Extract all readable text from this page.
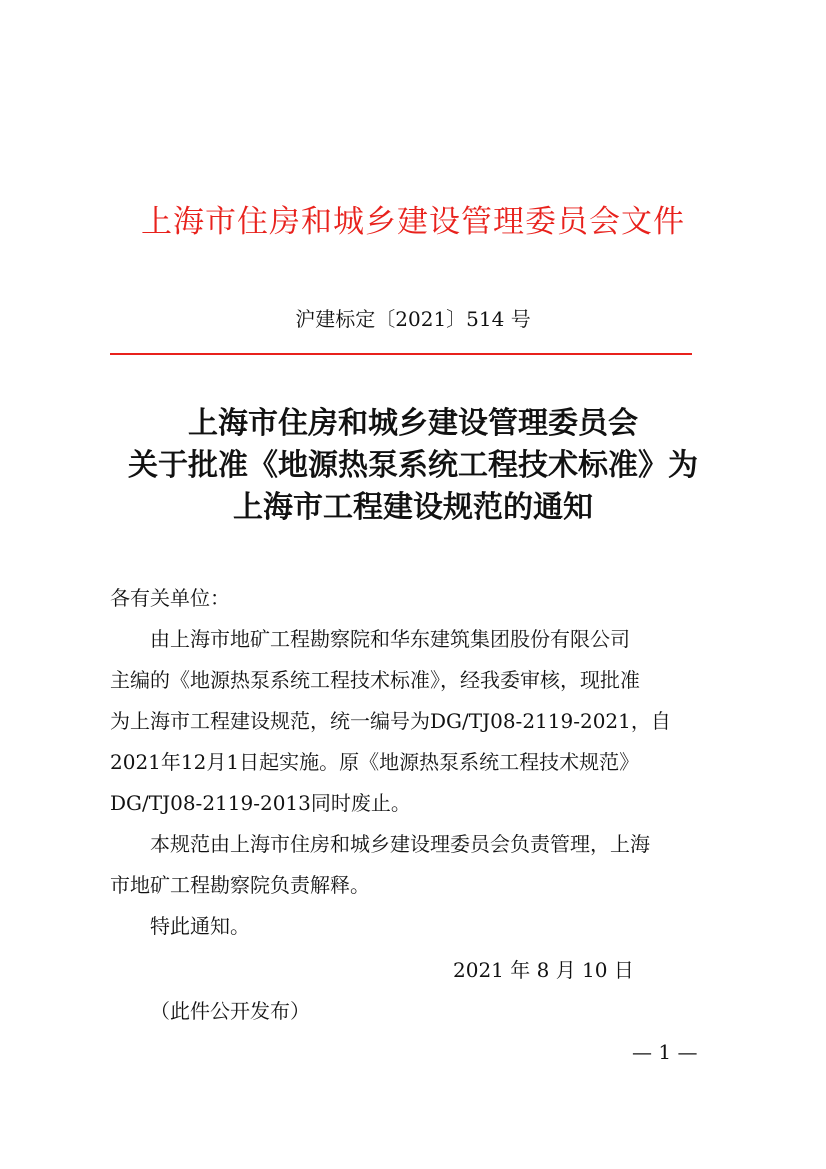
上海市住房和城乡建设管理委员会文件
沪建标定〔2021〕514 号
上海市住房和城乡建设管理委员会
关于批准《地源热泵系统工程技术标准》为
上海市工程建设规范的通知

各有关单位：

由上海市地矿工程勘察院和华东建筑集团股份有限公司
主编的《地源热泵系统工程技术标准》，经我委审核，现批准
为上海市工程建设规范，统一编号为DG/TJ08-2119-2021，自
2021年12月1日起实施。原《地源热泵系统工程技术规范》
DG/TJ08-2119-2013同时废止。

本规范由上海市住房和城乡建设理委员会负责管理，上海
市地矿工程勘察院负责解释。

特此通知。

2021 年 8 月 10 日
（此件公开发布）
— 1 —
